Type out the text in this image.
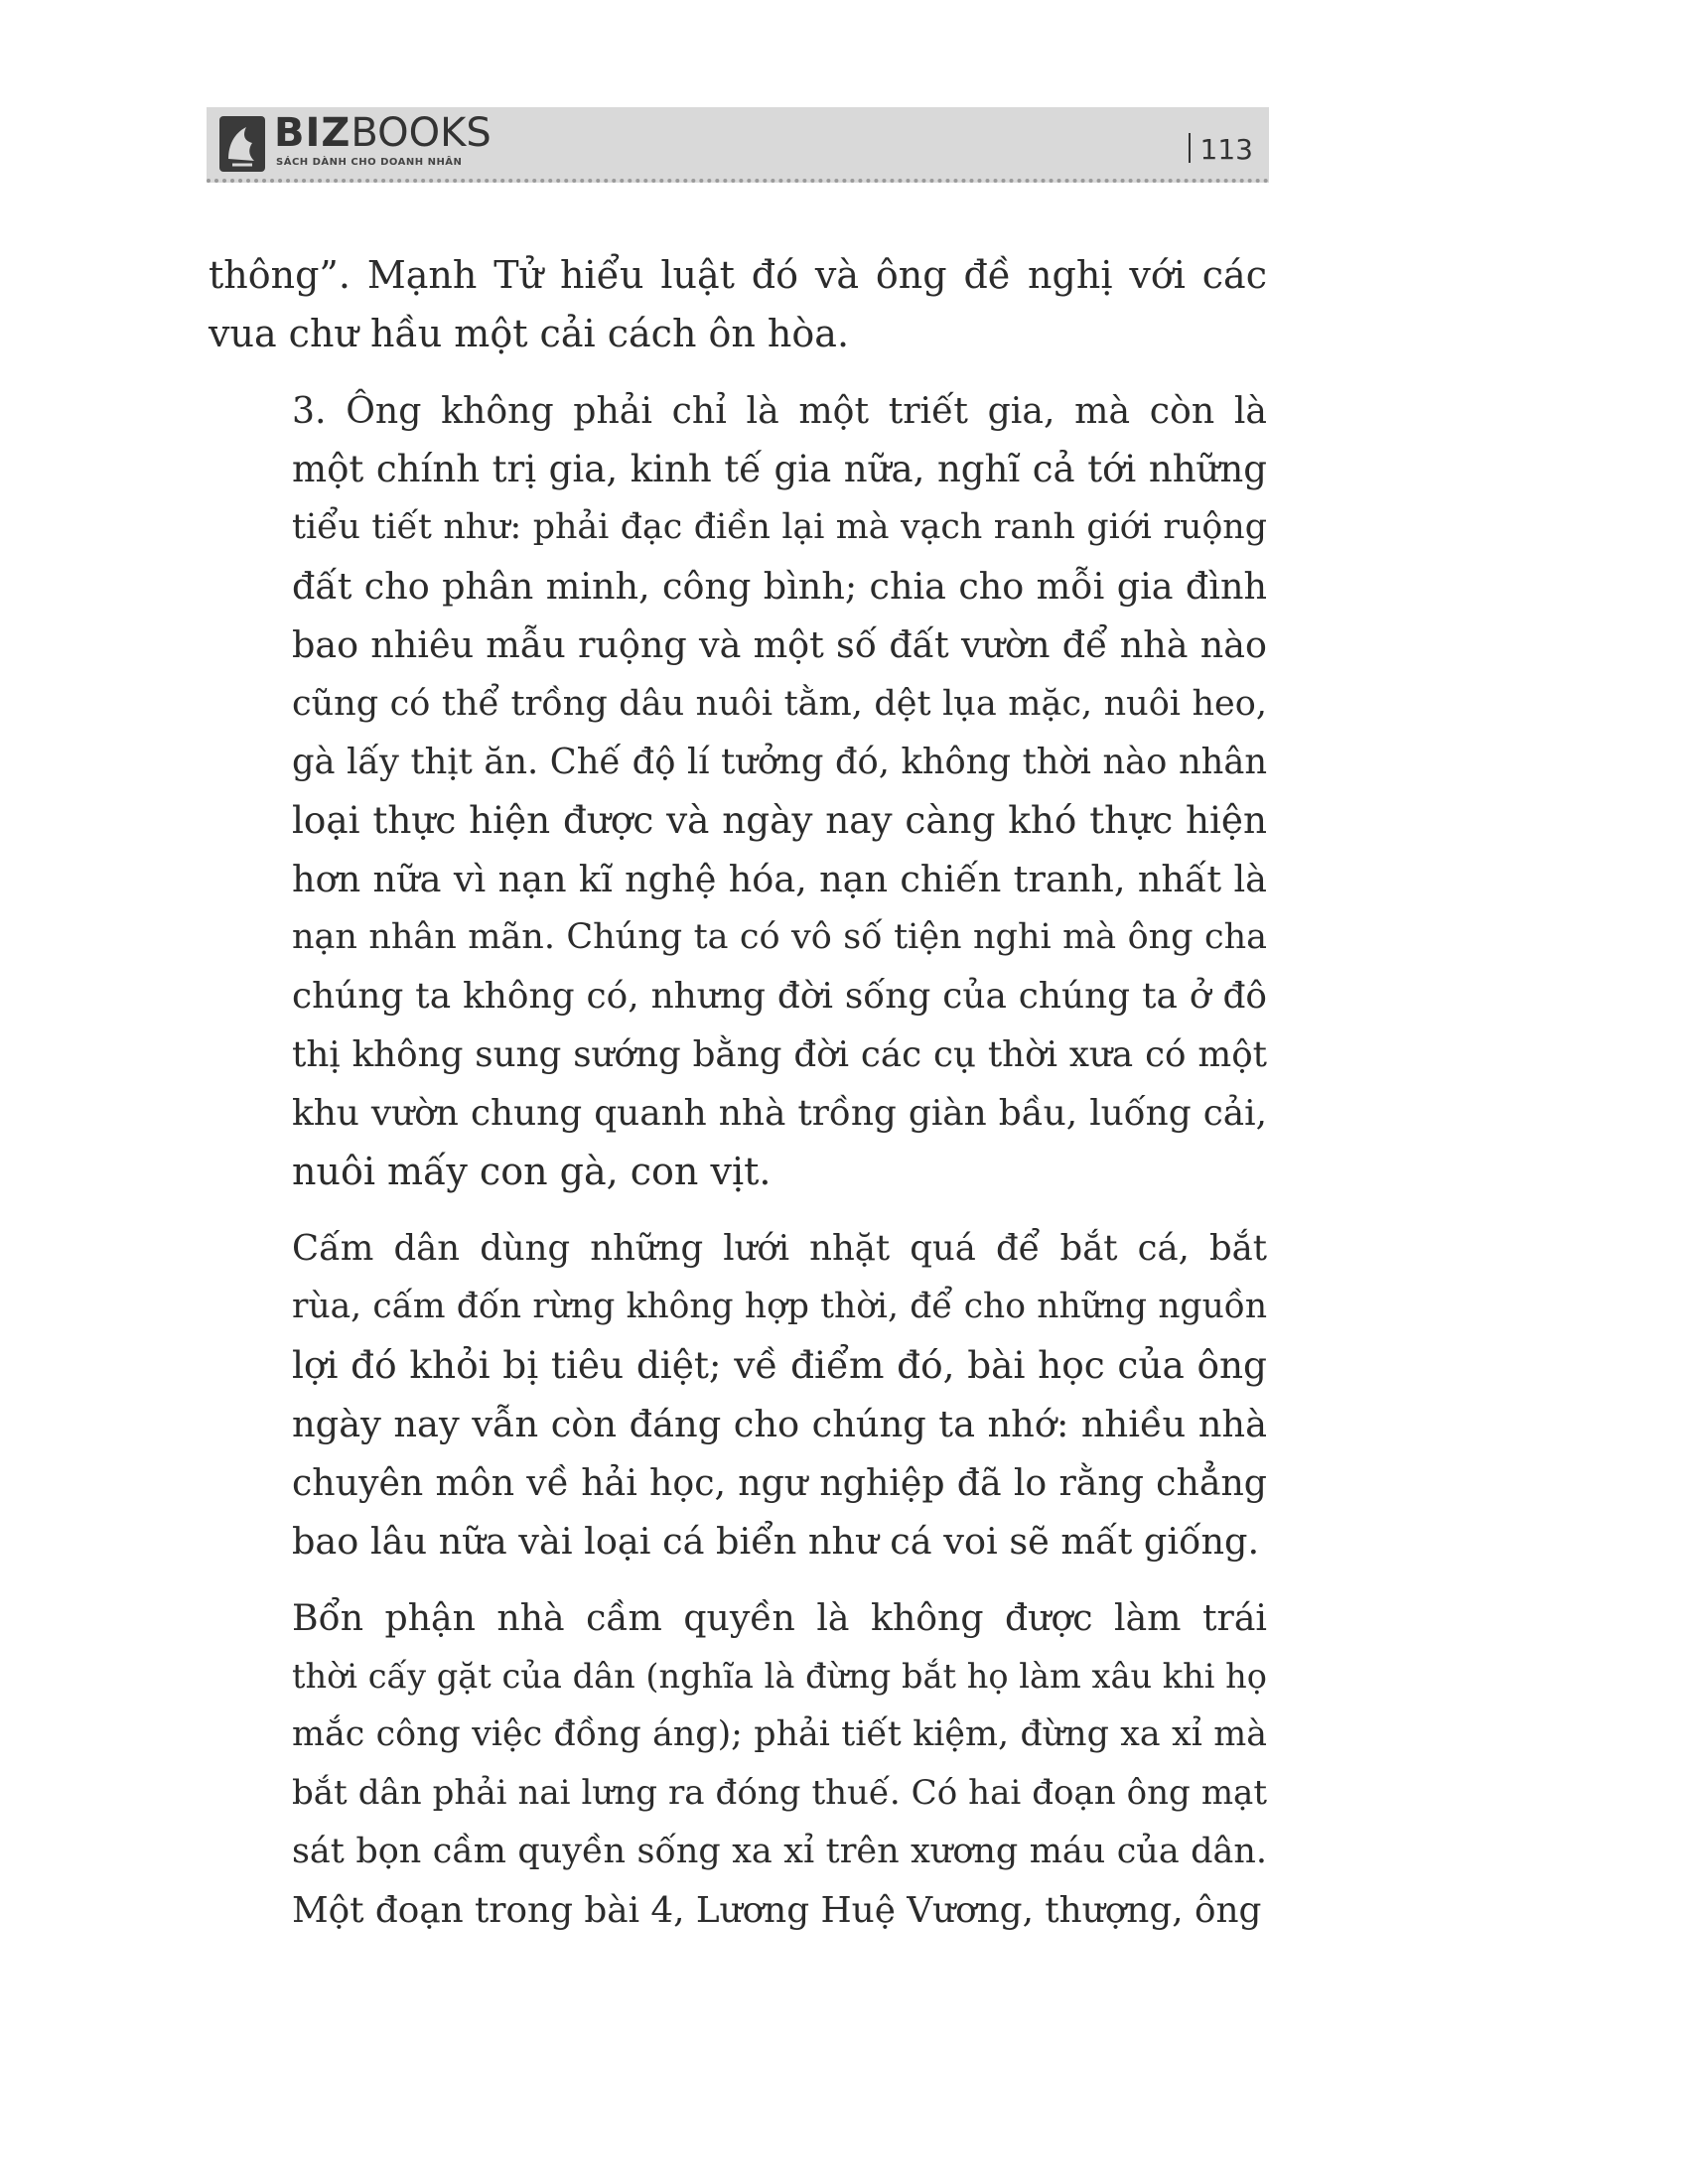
BIZBOOKS
SÁCH DÀNH CHO DOANH NHÂN	113
thông”. Mạnh Tử hiểu luật đó và ông đề nghị với các
vua chư hầu một cải cách ôn hòa.
3. Ông không phải chỉ là một triết gia, mà còn là
một chính trị gia, kinh tế gia nữa, nghĩ cả tới những
tiểu tiết như: phải đạc điền lại mà vạch ranh giới ruộng
đất cho phân minh, công bình; chia cho mỗi gia đình
bao nhiêu mẫu ruộng và một số đất vườn để nhà nào
cũng có thể trồng dâu nuôi tằm, dệt lụa mặc, nuôi heo,
gà lấy thịt ăn. Chế độ lí tưởng đó, không thời nào nhân
loại thực hiện được và ngày nay càng khó thực hiện
hơn nữa vì nạn kĩ nghệ hóa, nạn chiến tranh, nhất là
nạn nhân mãn. Chúng ta có vô số tiện nghi mà ông cha
chúng ta không có, nhưng đời sống của chúng ta ở đô
thị không sung sướng bằng đời các cụ thời xưa có một
khu vườn chung quanh nhà trồng giàn bầu, luống cải,
nuôi mấy con gà, con vịt.
Cấm dân dùng những lưới nhặt quá để bắt cá, bắt
rùa, cấm đốn rừng không hợp thời, để cho những nguồn
lợi đó khỏi bị tiêu diệt; về điểm đó, bài học của ông
ngày nay vẫn còn đáng cho chúng ta nhớ: nhiều nhà
chuyên môn về hải học, ngư nghiệp đã lo rằng chẳng
bao lâu nữa vài loại cá biển như cá voi sẽ mất giống.
Bổn phận nhà cầm quyền là không được làm trái
thời cấy gặt của dân (nghĩa là đừng bắt họ làm xâu khi họ
mắc công việc đồng áng); phải tiết kiệm, đừng xa xỉ mà
bắt dân phải nai lưng ra đóng thuế. Có hai đoạn ông mạt
sát bọn cầm quyền sống xa xỉ trên xương máu của dân.
Một đoạn trong bài 4, Lương Huệ Vương, thượng, ông
